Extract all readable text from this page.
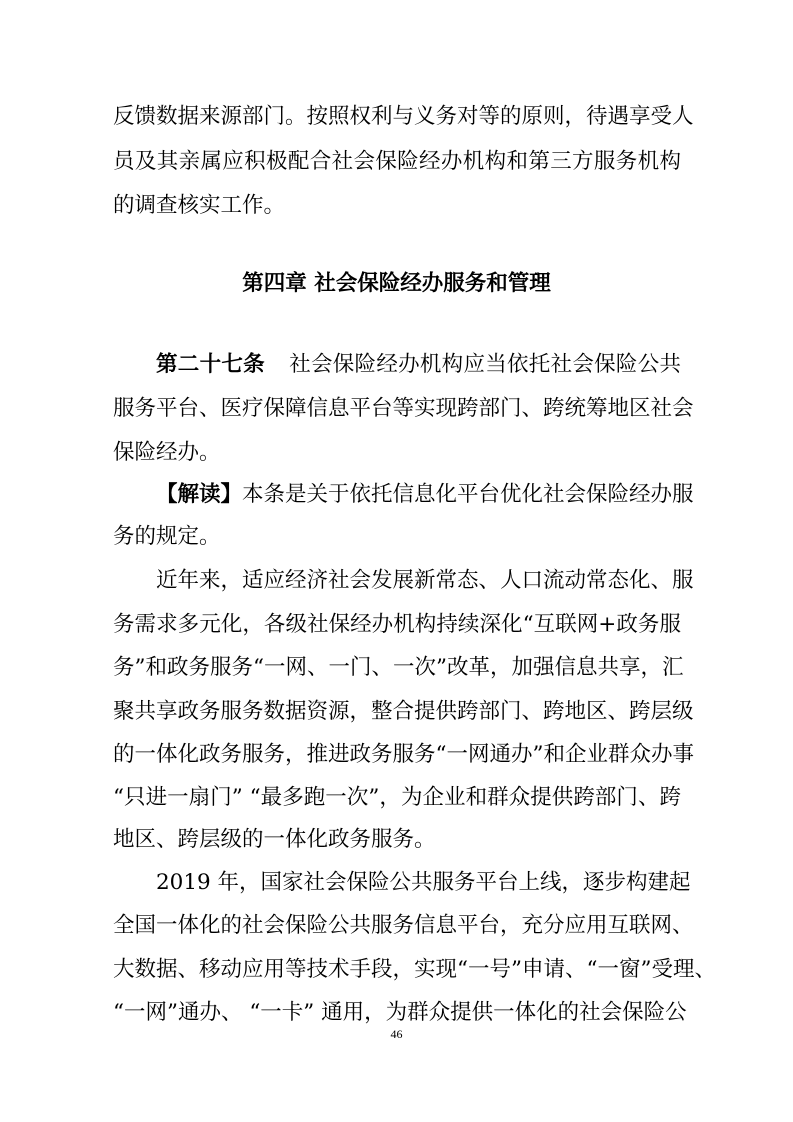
反馈数据来源部门。按照权利与义务对等的原则，待遇享受人
员及其亲属应积极配合社会保险经办机构和第三方服务机构
的调查核实工作。
第四章 社会保险经办服务和管理
第二十七条 社会保险经办机构应当依托社会保险公共
服务平台、医疗保障信息平台等实现跨部门、跨统筹地区社会
保险经办。
【解读】本条是关于依托信息化平台优化社会保险经办服
务的规定。
近年来，适应经济社会发展新常态、人口流动常态化、服
务需求多元化，各级社保经办机构持续深化“互联网+政务服
务”和政务服务“一网、一门、一次”改革，加强信息共享，汇
聚共享政务服务数据资源，整合提供跨部门、跨地区、跨层级
的一体化政务服务，推进政务服务“一网通办”和企业群众办事
“只进一扇门” “最多跑一次”，为企业和群众提供跨部门、跨
地区、跨层级的一体化政务服务。
2019 年，国家社会保险公共服务平台上线，逐步构建起
全国一体化的社会保险公共服务信息平台，充分应用互联网、
大数据、移动应用等技术手段，实现“一号”申请、“一窗”受理、
“一网”通办、 “一卡” 通用，为群众提供一体化的社会保险公
46
